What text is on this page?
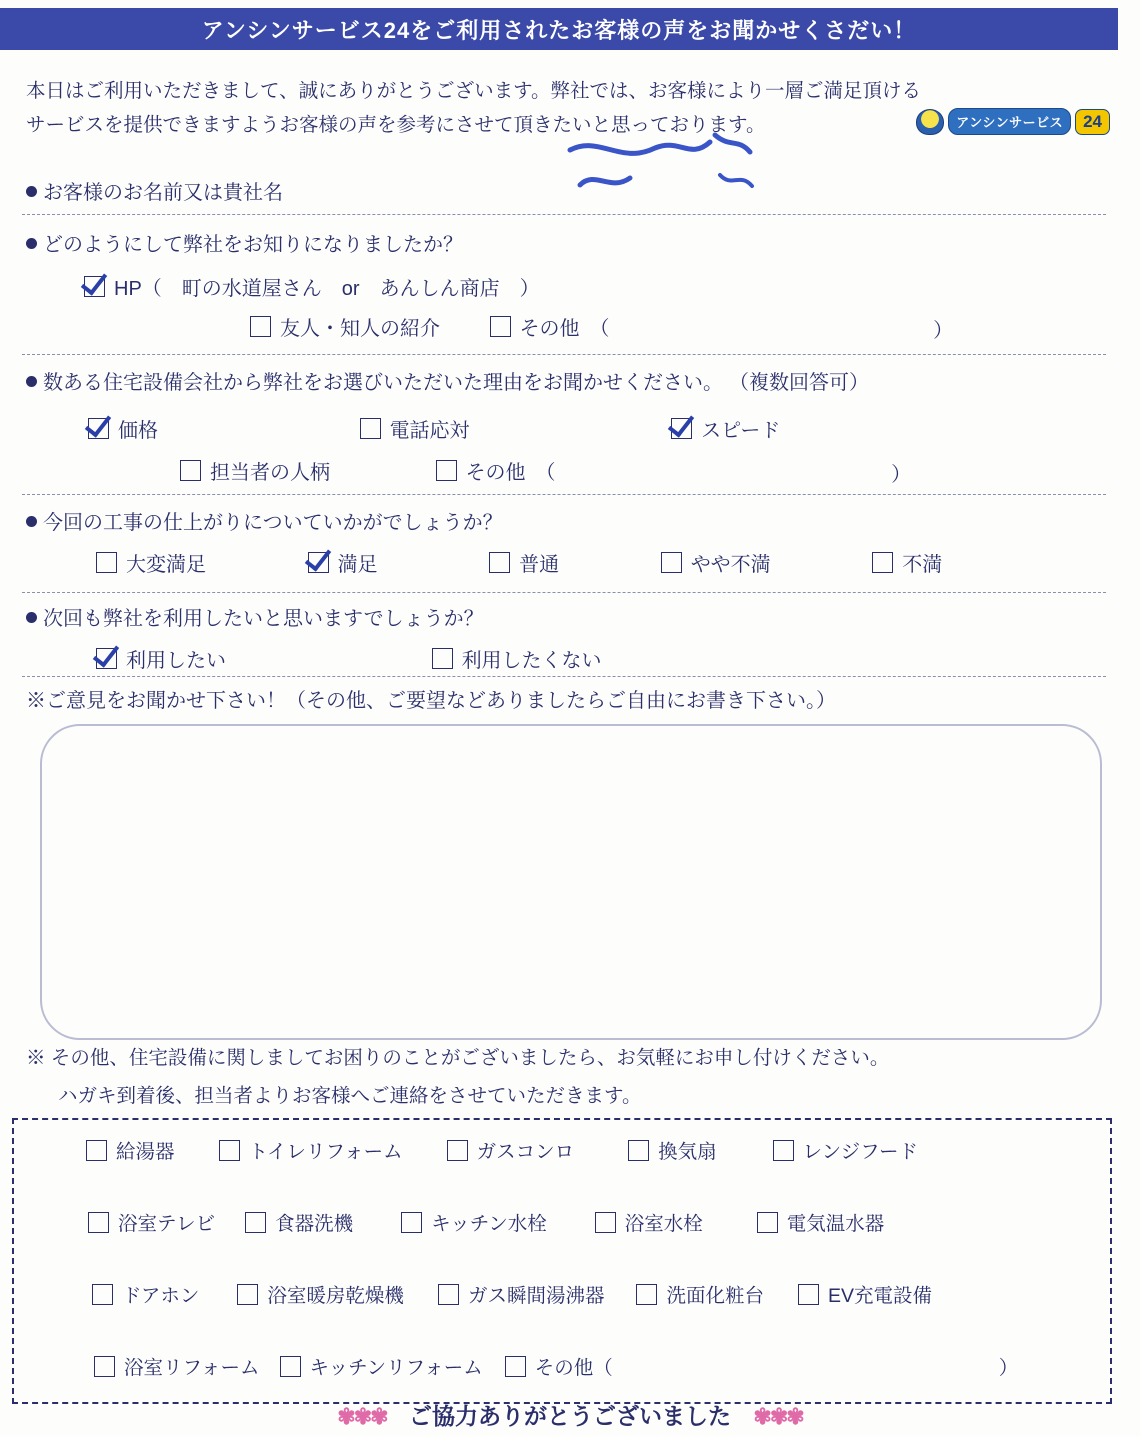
アンシンサービス24をご利用されたお客様の声をお聞かせくさだい！
本日はご利用いただきまして、誠にありがとうございます。弊社では、お客様により一層ご満足頂ける
サービスを提供できますようお客様の声を参考にさせて頂きたいと思っております。	アンシンサービス	24
お客様のお名前又は貴社名
どのようにして弊社をお知りになりましたか？
HP（　町の水道屋さん　or　あんしん商店　）
友人・知人の紹介
	その他　（	）
数ある住宅設備会社から弊社をお選びいただいた理由をお聞かせください。 （複数回答可）
価格
	電話応対
	スピード
担当者の人柄
	その他　（	）
今回の工事の仕上がりについていかがでしょうか？
大変満足
	満足
	普通
	やや不満
	不満
次回も弊社を利用したいと思いますでしょうか？
利用したい
	利用したくない
※ご意見をお聞かせ下さい！（その他、ご要望などありましたらご自由にお書き下さい。）
※ その他、住宅設備に関しましてお困りのことがございましたら、お気軽にお申し付けください。
ハガキ到着後、担当者よりお客様へご連絡をさせていただきます。
給湯器	トイレリフォーム	ガスコンロ	換気扇	レンジフード
浴室テレビ	食器洗機	キッチン水栓	浴室水栓	電気温水器
ドアホン	浴室暖房乾燥機	ガス瞬間湯沸器	洗面化粧台	EV充電設備
浴室リフォーム	キッチンリフォーム	その他（	）
✾✾✾ ご協力ありがとうございました ✾✾✾
